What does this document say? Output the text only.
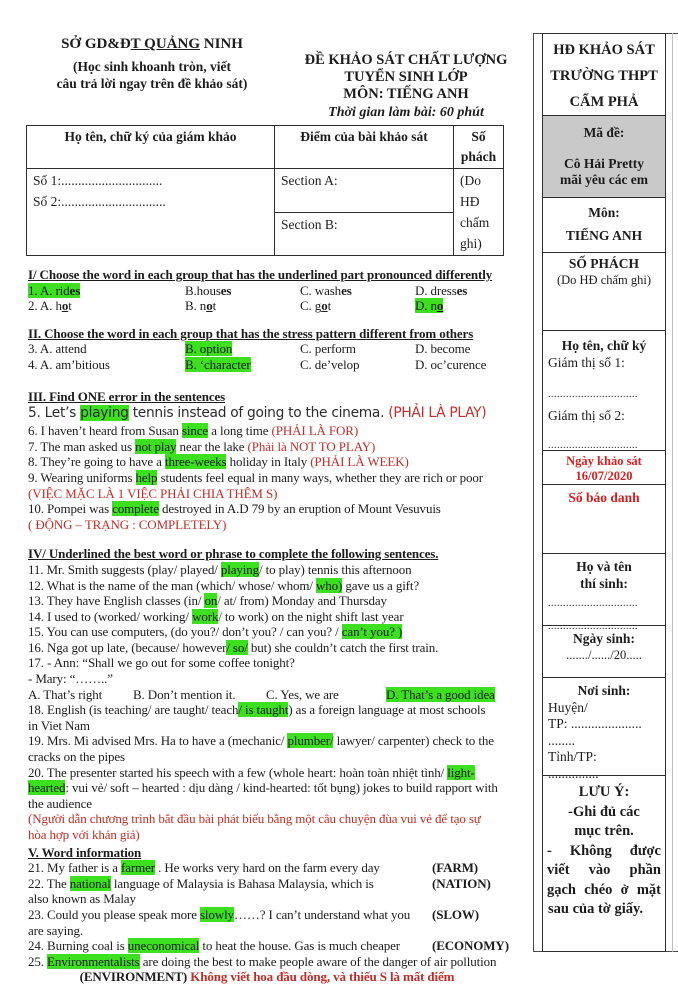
SỞ GD&ĐT QUẢNG NINH
(Học sinh khoanh tròn, viết
câu trả lời ngay trên đề khảo sát)
ĐỀ KHẢO SÁT CHẤT LƯỢNG
TUYỂN SINH LỚP
MÔN: TIẾNG ANH
Thời gian làm bài: 60 phút
Họ tên, chữ ký của giám khảo	Điểm của bài khảo sát	Số phách

Số 1:..............................
Số 2:...............................	Section A:	(Do HĐ chấm ghi)
	Section B:	
I/ Choose the word in each group that has the underlined part pronounced differently
1. A. rides	B.houses	C. washes	D. dresses
2. A. hot	B. not	C. got	D. no
II. Choose the word in each group that has the stress pattern different from others
3. A. attend	B. option	C. perform	D. become
4. A. am’bitious	B. ‘character	C. de’velop	D. oc’curence
III. Find ONE error in the sentences
5. Let’s playing tennis instead of going to the cinema. (PHẢI LÀ PLAY)
6. I haven’t heard from Susan since a long time (PHẢI LÀ FOR)
7. The man asked us not play near the lake (Phải là NOT TO PLAY)
8. They’re going to have a three-weeks holiday in Italy (PHẢI LÀ WEEK)
9. Wearing uniforms help students feel equal in many ways, whether they are rich or poor
(VIỆC MẶC LÀ 1 VIỆC PHẢI CHIA THÊM S)
10. Pompei was complete destroyed in A.D 79 by an eruption of Mount Vesuvuis
( ĐỘNG – TRẠNG : COMPLETELY)
IV/ Underlined the best word or phrase to complete the following sentences.
11. Mr. Smith suggests (play/ played/ playing/ to play) tennis this afternoon
12. What is the name of the man (which/ whose/ whom/ who) gave us a gift?
13. They have English classes (in/ on/ at/ from) Monday and Thursday
14. I used to (worked/ working/ work/ to work) on the night shift last year
15. You can use computers, (do you?/ don’t you? / can you? / can’t you? )
16. Nga got up late, (because/ however/ so/ but) she couldn’t catch the first train.
17. - Ann: “Shall we go out for some coffee tonight?
- Mary: “……..”
A. That’s right	B. Don’t mention it.	C. Yes, we are	D. That’s a good idea
18. English (is teaching/ are taught/ teach/ is taught) as a foreign language at most schools
in Viet Nam
19. Mrs. Mi advised Mrs. Ha to have a (mechanic/ plumber/ lawyer/ carpenter) check to the
cracks on the pipes
20. The presenter started his speech with a few (whole heart: hoàn toàn nhiệt tình/ light-
hearted: vui vẻ/ soft – hearted : dịu dàng / kind-hearted: tốt bụng) jokes to build rapport with
the audience
(Người dẫn chương trình bắt đầu bài phát biểu bằng một câu chuyện đùa vui vẻ để tạo sự
hòa hợp với khán giả)
V. Word information
21. My father is a farmer . He works very hard on the farm every day	(FARM)
22. The national language of Malaysia is Bahasa Malaysia, which is	(NATION)
also known as Malay
23. Could you please speak more slowly……? I can’t understand what you (SLOW)
are saying.
24. Burning coal is uneconomical to heat the house. Gas is much cheaper (ECONOMY)
25. Environmentalists are doing the best to make people aware of the danger of air pollution
(ENVIRONMENT) Không viết hoa đầu dòng, và thiếu S là mất điểm
HĐ KHẢO SÁT
TRƯỜNG THPT
CẨM PHẢ
Mã đề:
Cô Hải Pretty
mãi yêu các em
Môn:
TIẾNG ANH
SỐ PHÁCH
(Do HĐ chấm ghi)
Họ tên, chữ ký
Giám thị số 1:
..............................
Giám thị số 2:
..............................
Ngày khảo sát
16/07/2020
Số báo danh
Họ và tên
thí sinh:
..............................
..............................
Ngày sinh:
......./....../20.....
Nơi sinh:
Huyện/
TP: .....................
........
Tỉnh/TP:
...............
LƯU Ý:
-Ghi đủ các
mục trên.
- Không được
viết vào phần
gạch chéo ở mặt
sau của tờ giấy.
